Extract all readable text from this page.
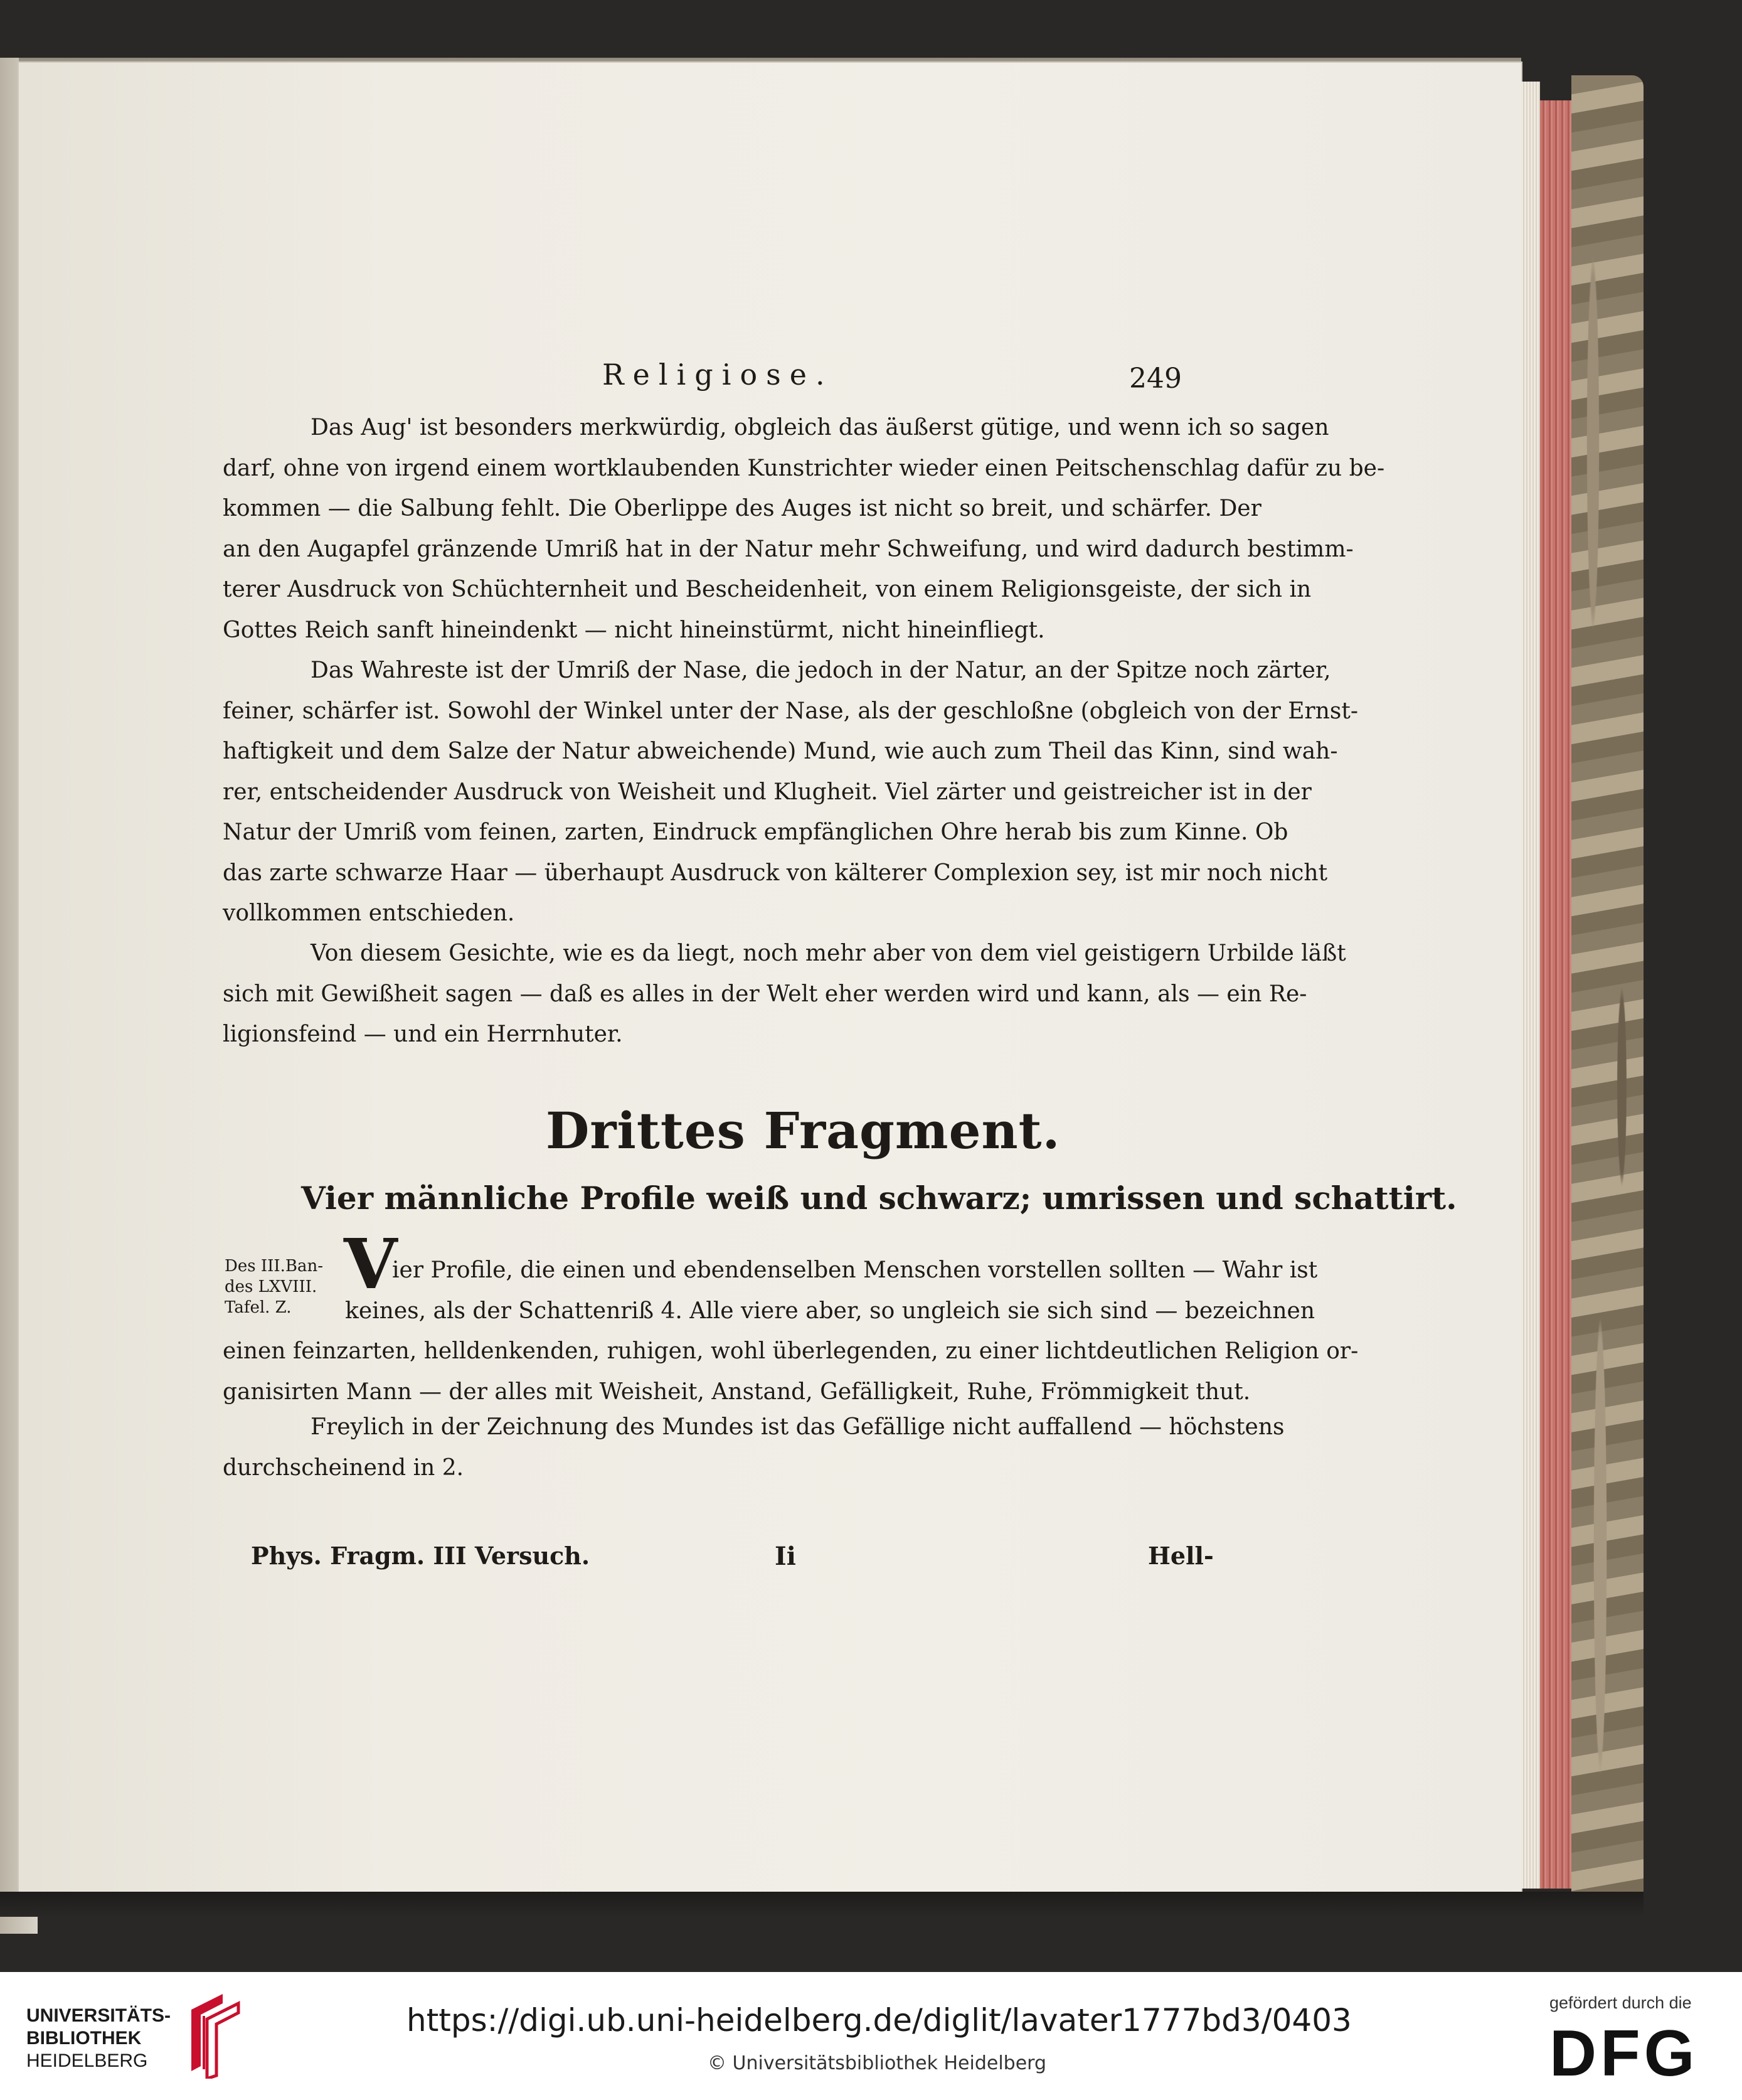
Religiose.	249
Das Aug' ist besonders merkwürdig, obgleich das äußerst gütige, und wenn ich so sagen
darf, ohne von irgend einem wortklaubenden Kunstrichter wieder einen Peitschenschlag dafür zu be-
kommen — die Salbung fehlt. Die Oberlippe des Auges ist nicht so breit, und schärfer. Der
an den Augapfel gränzende Umriß hat in der Natur mehr Schweifung, und wird dadurch bestimm-
terer Ausdruck von Schüchternheit und Bescheidenheit, von einem Religionsgeiste, der sich in
Gottes Reich sanft hineindenkt — nicht hineinstürmt, nicht hineinfliegt.
Das Wahreste ist der Umriß der Nase, die jedoch in der Natur, an der Spitze noch zärter,
feiner, schärfer ist. Sowohl der Winkel unter der Nase, als der geschloßne (obgleich von der Ernst-
haftigkeit und dem Salze der Natur abweichende) Mund, wie auch zum Theil das Kinn, sind wah-
rer, entscheidender Ausdruck von Weisheit und Klugheit. Viel zärter und geistreicher ist in der
Natur der Umriß vom feinen, zarten, Eindruck empfänglichen Ohre herab bis zum Kinne. Ob
das zarte schwarze Haar — überhaupt Ausdruck von kälterer Complexion sey, ist mir noch nicht
vollkommen entschieden.
Von diesem Gesichte, wie es da liegt, noch mehr aber von dem viel geistigern Urbilde läßt
sich mit Gewißheit sagen — daß es alles in der Welt eher werden wird und kann, als — ein Re-
ligionsfeind — und ein Herrnhuter.
Drittes Fragment.
Vier männliche Profile weiß und schwarz; umrissen und schattirt.
Des III.Ban-
des LXVIII.
Tafel. Z.
V
ier Profile, die einen und ebendenselben Menschen vorstellen sollten — Wahr ist
keines, als der Schattenriß 4. Alle viere aber, so ungleich sie sich sind — bezeichnen
einen feinzarten, helldenkenden, ruhigen, wohl überlegenden, zu einer lichtdeutlichen Religion or-
ganisirten Mann — der alles mit Weisheit, Anstand, Gefälligkeit, Ruhe, Frömmigkeit thut.
Freylich in der Zeichnung des Mundes ist das Gefällige nicht auffallend — höchstens
durchscheinend in 2.
Phys. Fragm. III Versuch.	Ii	Hell-
UNIVERSITÄTS-
BIBLIOTHEK
HEIDELBERG
https://digi.ub.uni-heidelberg.de/diglit/lavater1777bd3/0403
© Universitätsbibliothek Heidelberg
gefördert durch die
DFG
